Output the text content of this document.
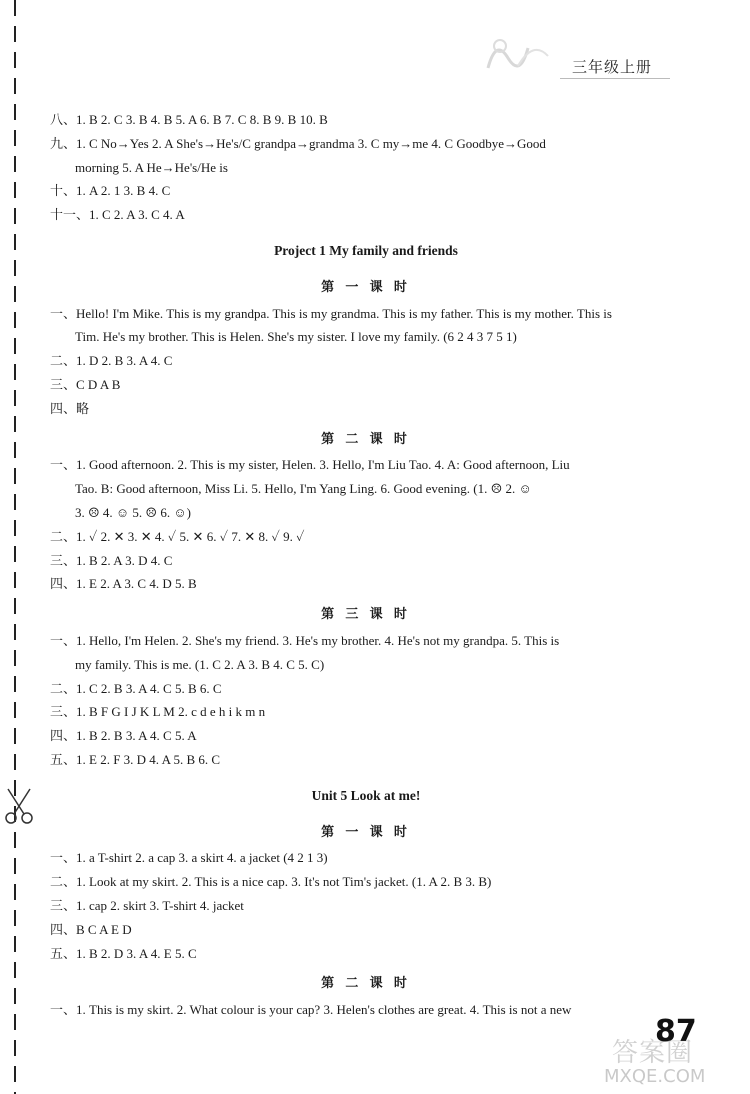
三年级上册
八、1. B 2. C 3. B 4. B 5. A 6. B 7. C 8. B 9. B 10. B
九、1. C No→Yes 2. A She's→He's/C grandpa→grandma 3. C my→me 4. C Goodbye→Good
morning 5. A He→He's/He is
十、1. A 2. 1 3. B 4. C
十一、1. C 2. A 3. C 4. A
Project 1 My family and friends
第 一 课 时
一、Hello! I'm Mike. This is my grandpa. This is my grandma. This is my father. This is my mother. This is
Tim. He's my brother. This is Helen. She's my sister. I love my family. (6 2 4 3 7 5 1)
二、1. D 2. B 3. A 4. C
三、C D A B
四、略
第 二 课 时
一、1. Good afternoon. 2. This is my sister, Helen. 3. Hello, I'm Liu Tao. 4. A: Good afternoon, Liu
Tao. B: Good afternoon, Miss Li. 5. Hello, I'm Yang Ling. 6. Good evening. (1. ☹ 2. ☺
3. ☹ 4. ☺ 5. ☹ 6. ☺)
二、1. ✓ 2. ✕ 3. ✕ 4. ✓ 5. ✕ 6. ✓ 7. ✕ 8. ✓ 9. ✓
三、1. B 2. A 3. D 4. C
四、1. E 2. A 3. C 4. D 5. B
第 三 课 时
一、1. Hello, I'm Helen. 2. She's my friend. 3. He's my brother. 4. He's not my grandpa. 5. This is
my family. This is me. (1. C 2. A 3. B 4. C 5. C)
二、1. C 2. B 3. A 4. C 5. B 6. C
三、1. B F G I J K L M 2. c d e h i k m n
四、1. B 2. B 3. A 4. C 5. A
五、1. E 2. F 3. D 4. A 5. B 6. C
Unit 5 Look at me!
第 一 课 时
一、1. a T-shirt 2. a cap 3. a skirt 4. a jacket (4 2 1 3)
二、1. Look at my skirt. 2. This is a nice cap. 3. It's not Tim's jacket. (1. A 2. B 3. B)
三、1. cap 2. skirt 3. T-shirt 4. jacket
四、B C A E D
五、1. B 2. D 3. A 4. E 5. C
第 二 课 时
一、1. This is my skirt. 2. What colour is your cap? 3. Helen's clothes are great. 4. This is not a new
87
答案圈
MXQE.COM
